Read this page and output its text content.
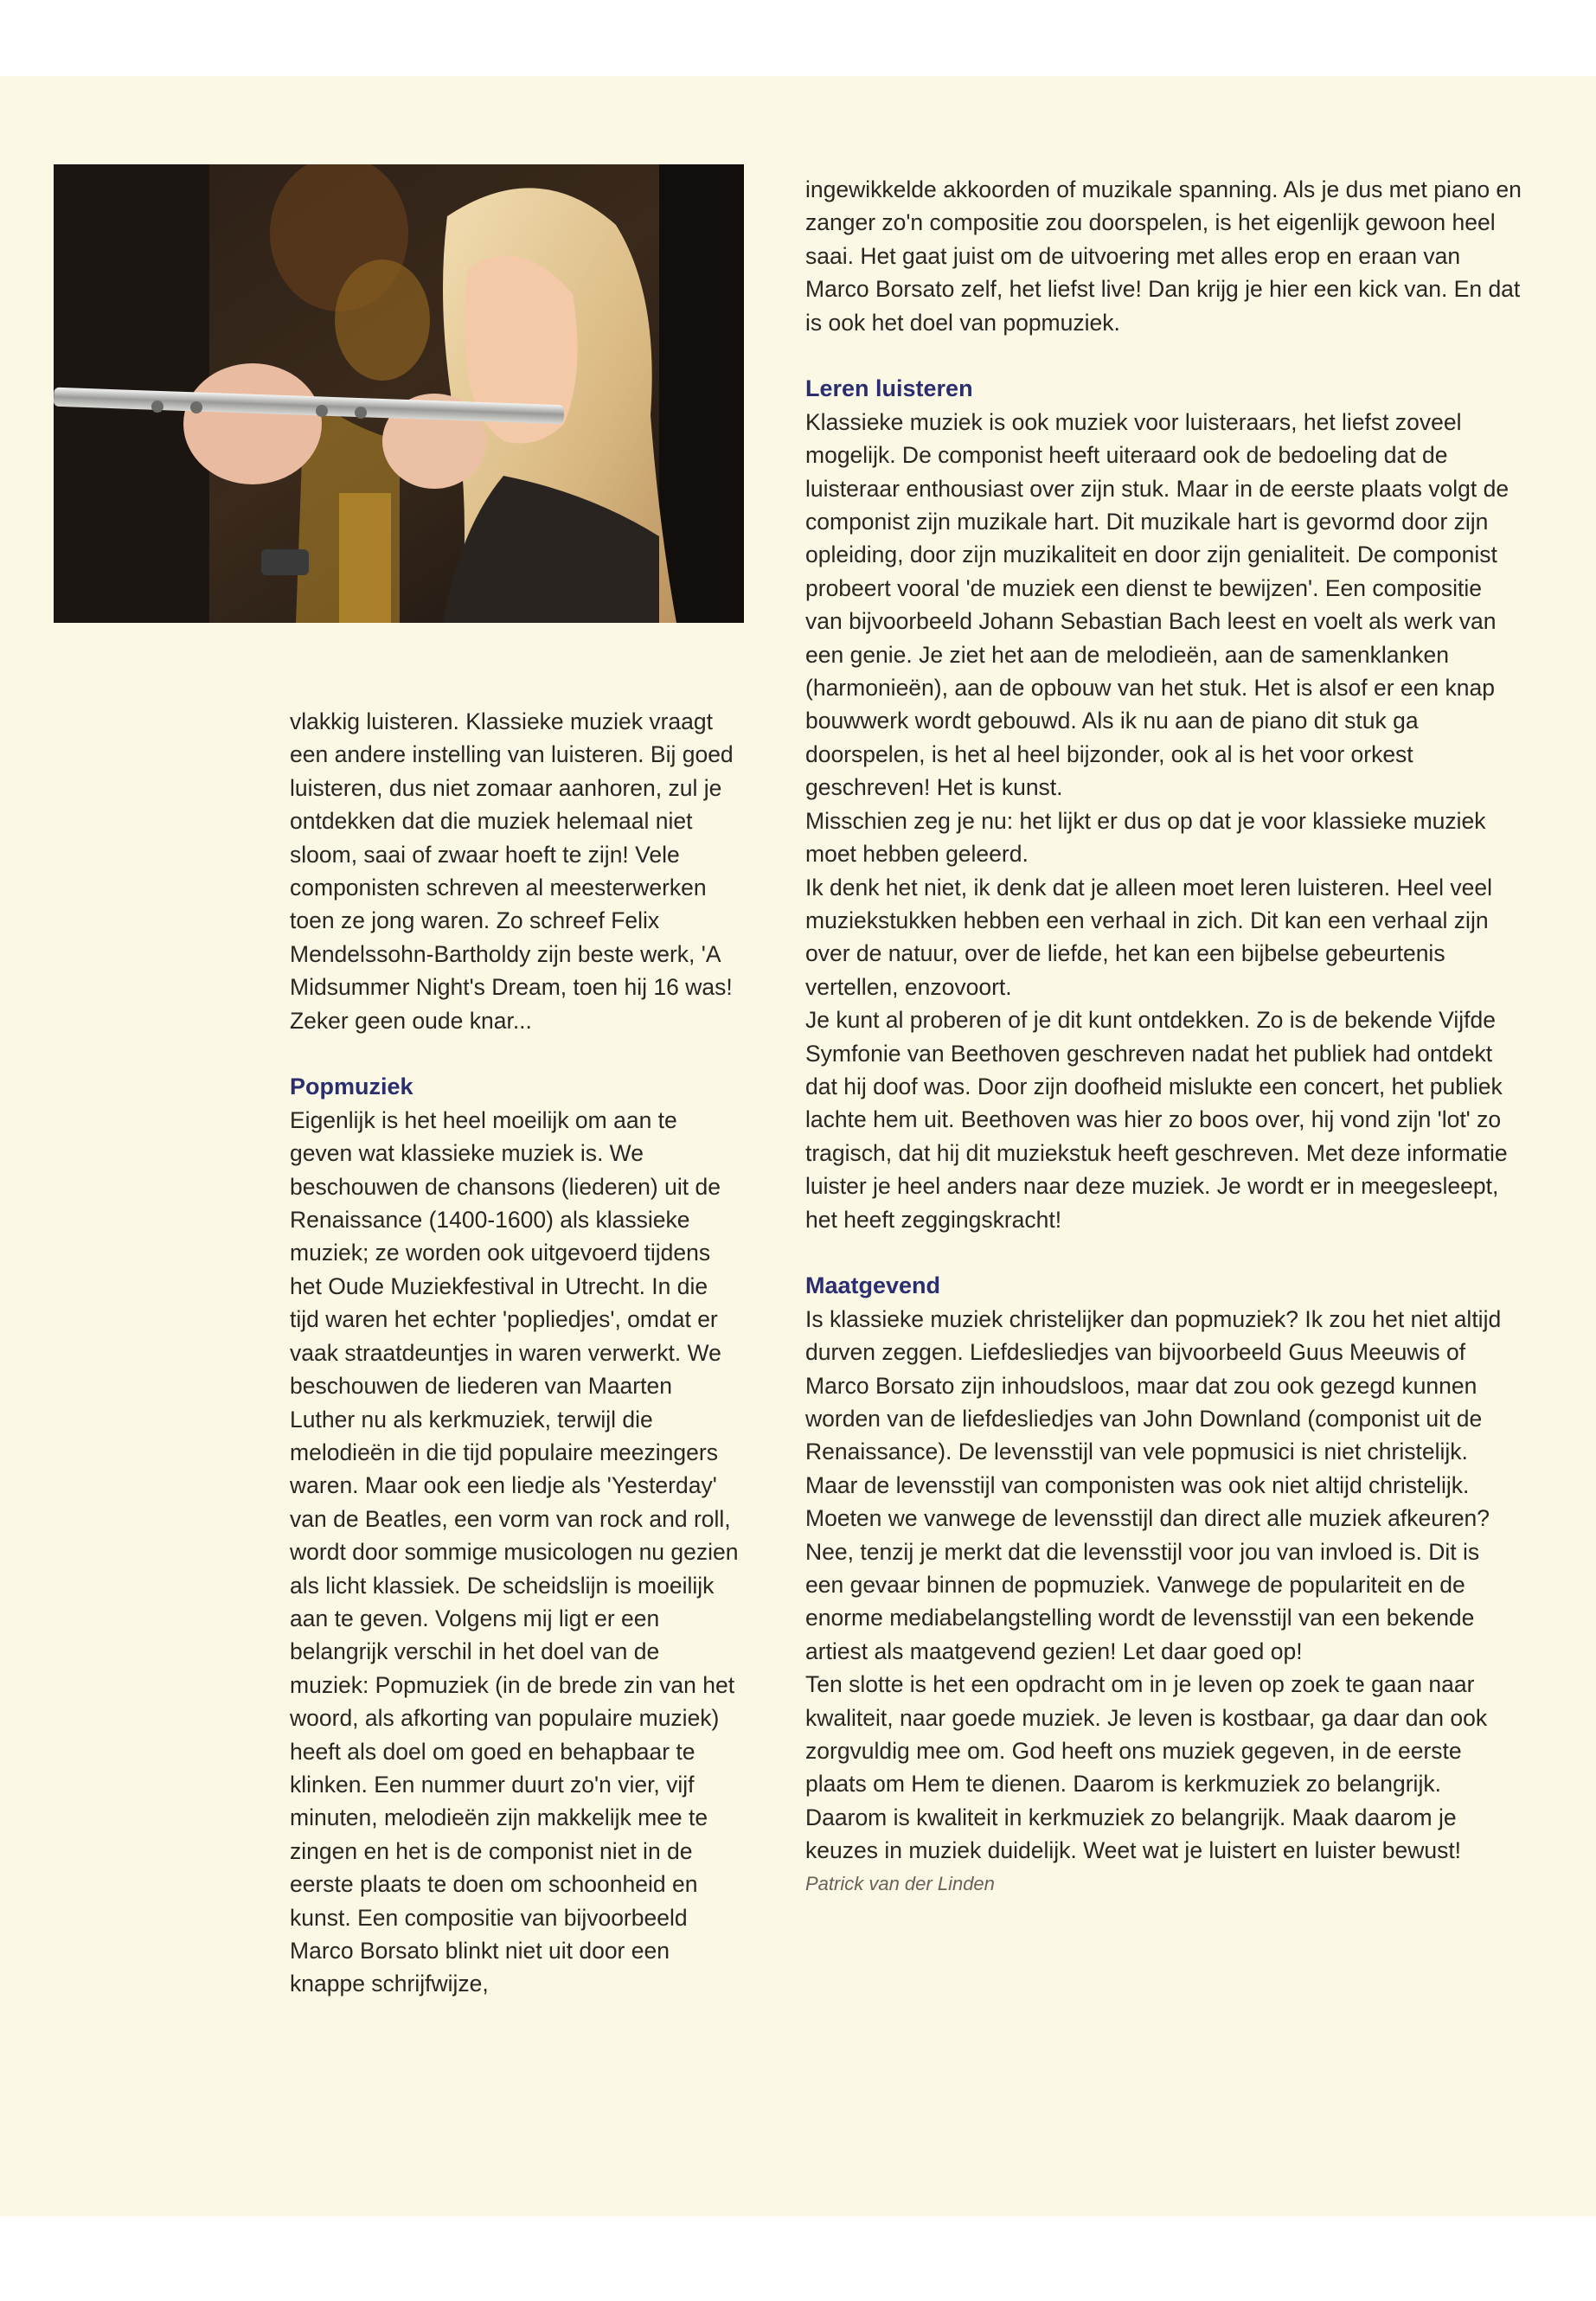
vlakkig luisteren. Klassieke muziek vraagt een andere instelling van luisteren. Bij goed luisteren, dus niet zomaar aanhoren, zul je ontdekken dat die muziek helemaal niet sloom, saai of zwaar hoeft te zijn! Vele componisten schreven al meesterwerken toen ze jong waren. Zo schreef Felix Mendelssohn-Bartholdy zijn beste werk, 'A Midsummer Night's Dream, toen hij 16 was! Zeker geen oude knar...

Popmuziek

Eigenlijk is het heel moeilijk om aan te geven wat klassieke muziek is. We beschouwen de chansons (liederen) uit de Renaissance (1400-1600) als klassieke muziek; ze worden ook uitgevoerd tijdens het Oude Muziekfestival in Utrecht. In die tijd waren het echter 'popliedjes', omdat er vaak straatdeuntjes in waren verwerkt. We beschouwen de liederen van Maarten Luther nu als kerkmuziek, terwijl die melodieën in die tijd populaire meezingers waren. Maar ook een liedje als 'Yesterday' van de Beatles, een vorm van rock and roll, wordt door sommige musicologen nu gezien als licht klassiek. De scheidslijn is moeilijk aan te geven. Volgens mij ligt er een belangrijk verschil in het doel van de muziek: Popmuziek (in de brede zin van het woord, als afkorting van populaire muziek) heeft als doel om goed en behapbaar te klinken. Een nummer duurt zo'n vier, vijf minuten, melodieën zijn makkelijk mee te zingen en het is de componist niet in de eerste plaats te doen om schoonheid en kunst. Een compositie van bijvoorbeeld Marco Borsato blinkt niet uit door een knappe schrijfwijze,

ingewikkelde akkoorden of muzikale spanning. Als je dus met piano en zanger zo'n compositie zou doorspelen, is het eigenlijk gewoon heel saai. Het gaat juist om de uitvoering met alles erop en eraan van Marco Borsato zelf, het liefst live! Dan krijg je hier een kick van. En dat is ook het doel van popmuziek.

Leren luisteren

Klassieke muziek is ook muziek voor luisteraars, het liefst zoveel mogelijk. De componist heeft uiteraard ook de bedoeling dat de luisteraar enthousiast over zijn stuk. Maar in de eerste plaats volgt de componist zijn muzikale hart. Dit muzikale hart is gevormd door zijn opleiding, door zijn muzikaliteit en door zijn genialiteit. De componist probeert vooral 'de muziek een dienst te bewijzen'. Een compositie van bijvoorbeeld Johann Sebastian Bach leest en voelt als werk van een genie. Je ziet het aan de melodieën, aan de samenklanken (harmonieën), aan de opbouw van het stuk. Het is alsof er een knap bouwwerk wordt gebouwd. Als ik nu aan de piano dit stuk ga doorspelen, is het al heel bijzonder, ook al is het voor orkest geschreven! Het is kunst.

Misschien zeg je nu: het lijkt er dus op dat je voor klassieke muziek moet hebben geleerd.

Ik denk het niet, ik denk dat je alleen moet leren luisteren. Heel veel muziekstukken hebben een verhaal in zich. Dit kan een verhaal zijn over de natuur, over de liefde, het kan een bijbelse gebeurtenis vertellen, enzovoort.

Je kunt al proberen of je dit kunt ontdekken. Zo is de bekende Vijfde Symfonie van Beethoven geschreven nadat het publiek had ontdekt dat hij doof was. Door zijn doofheid mislukte een concert, het publiek lachte hem uit. Beethoven was hier zo boos over, hij vond zijn 'lot' zo tragisch, dat hij dit muziekstuk heeft geschreven. Met deze informatie luister je heel anders naar deze muziek. Je wordt er in meegesleept, het heeft zeggingskracht!

Maatgevend

Is klassieke muziek christelijker dan popmuziek? Ik zou het niet altijd durven zeggen. Liefdesliedjes van bijvoorbeeld Guus Meeuwis of Marco Borsato zijn inhoudsloos, maar dat zou ook gezegd kunnen worden van de liefdesliedjes van John Downland (componist uit de Renaissance). De levensstijl van vele popmusici is niet christelijk. Maar de levensstijl van componisten was ook niet altijd christelijk.

Moeten we vanwege de levensstijl dan direct alle muziek afkeuren? Nee, tenzij je merkt dat die levensstijl voor jou van invloed is. Dit is een gevaar binnen de popmuziek. Vanwege de populariteit en de enorme mediabelangstelling wordt de levensstijl van een bekende artiest als maatgevend gezien! Let daar goed op!

Ten slotte is het een opdracht om in je leven op zoek te gaan naar kwaliteit, naar goede muziek. Je leven is kostbaar, ga daar dan ook zorgvuldig mee om. God heeft ons muziek gegeven, in de eerste plaats om Hem te dienen. Daarom is kerkmuziek zo belangrijk. Daarom is kwaliteit in kerkmuziek zo belangrijk. Maak daarom je keuzes in muziek duidelijk. Weet wat je luistert en luister bewust!

Patrick van der Linden
